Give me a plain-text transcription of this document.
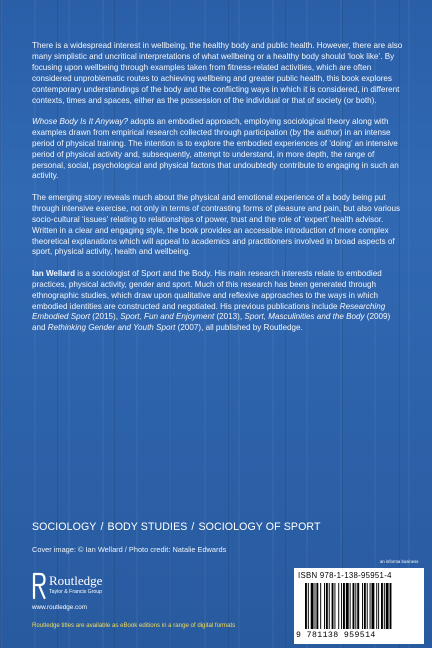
There is a widespread interest in wellbeing, the healthy body and public health. However, there are also many simplistic and uncritical interpretations of what wellbeing or a healthy body should ‘look like’. By focusing upon wellbeing through examples taken from fitness-related activities, which are often considered unproblematic routes to achieving wellbeing and greater public health, this book explores contemporary understandings of the body and the conflicting ways in which it is considered, in different contexts, times and spaces, either as the possession of the individual or that of society (or both).

Whose Body Is It Anyway? adopts an embodied approach, employing sociological theory along with examples drawn from empirical research collected through participation (by the author) in an intense period of physical training. The intention is to explore the embodied experiences of ‘doing’ an intensive period of physical activity and, subsequently, attempt to understand, in more depth, the range of personal, social, psychological and physical factors that undoubtedly contribute to engaging in such an activity.

The emerging story reveals much about the physical and emotional experience of a body being put through intensive exercise, not only in terms of contrasting forms of pleasure and pain, but also various socio-cultural ‘issues’ relating to relationships of power, trust and the role of ‘expert’ health advisor. Written in a clear and engaging style, the book provides an accessible introduction of more complex theoretical explanations which will appeal to academics and practitioners involved in broad aspects of sport, physical activity, health and wellbeing.

Ian Wellard is a sociologist of Sport and the Body. His main research interests relate to embodied practices, physical activity, gender and sport. Much of this research has been generated through ethnographic studies, which draw upon qualitative and reflexive approaches to the ways in which embodied identities are constructed and negotiated. His previous publications include Researching Embodied Sport (2015), Sport, Fun and Enjoyment (2013), Sport, Masculinities and the Body (2009) and Rethinking Gender and Youth Sport (2007), all published by Routledge.

SOCIOLOGY / BODY STUDIES / SOCIOLOGY OF SPORT
Cover image: © Ian Wellard / Photo credit: Natalie Edwards
Routledge
Taylor & Francis Group
www.routledge.com
Routledge titles are available as eBook editions in a range of digital formats
an informa business
ISBN 978-1-138-95951-4
9 781138 959514
